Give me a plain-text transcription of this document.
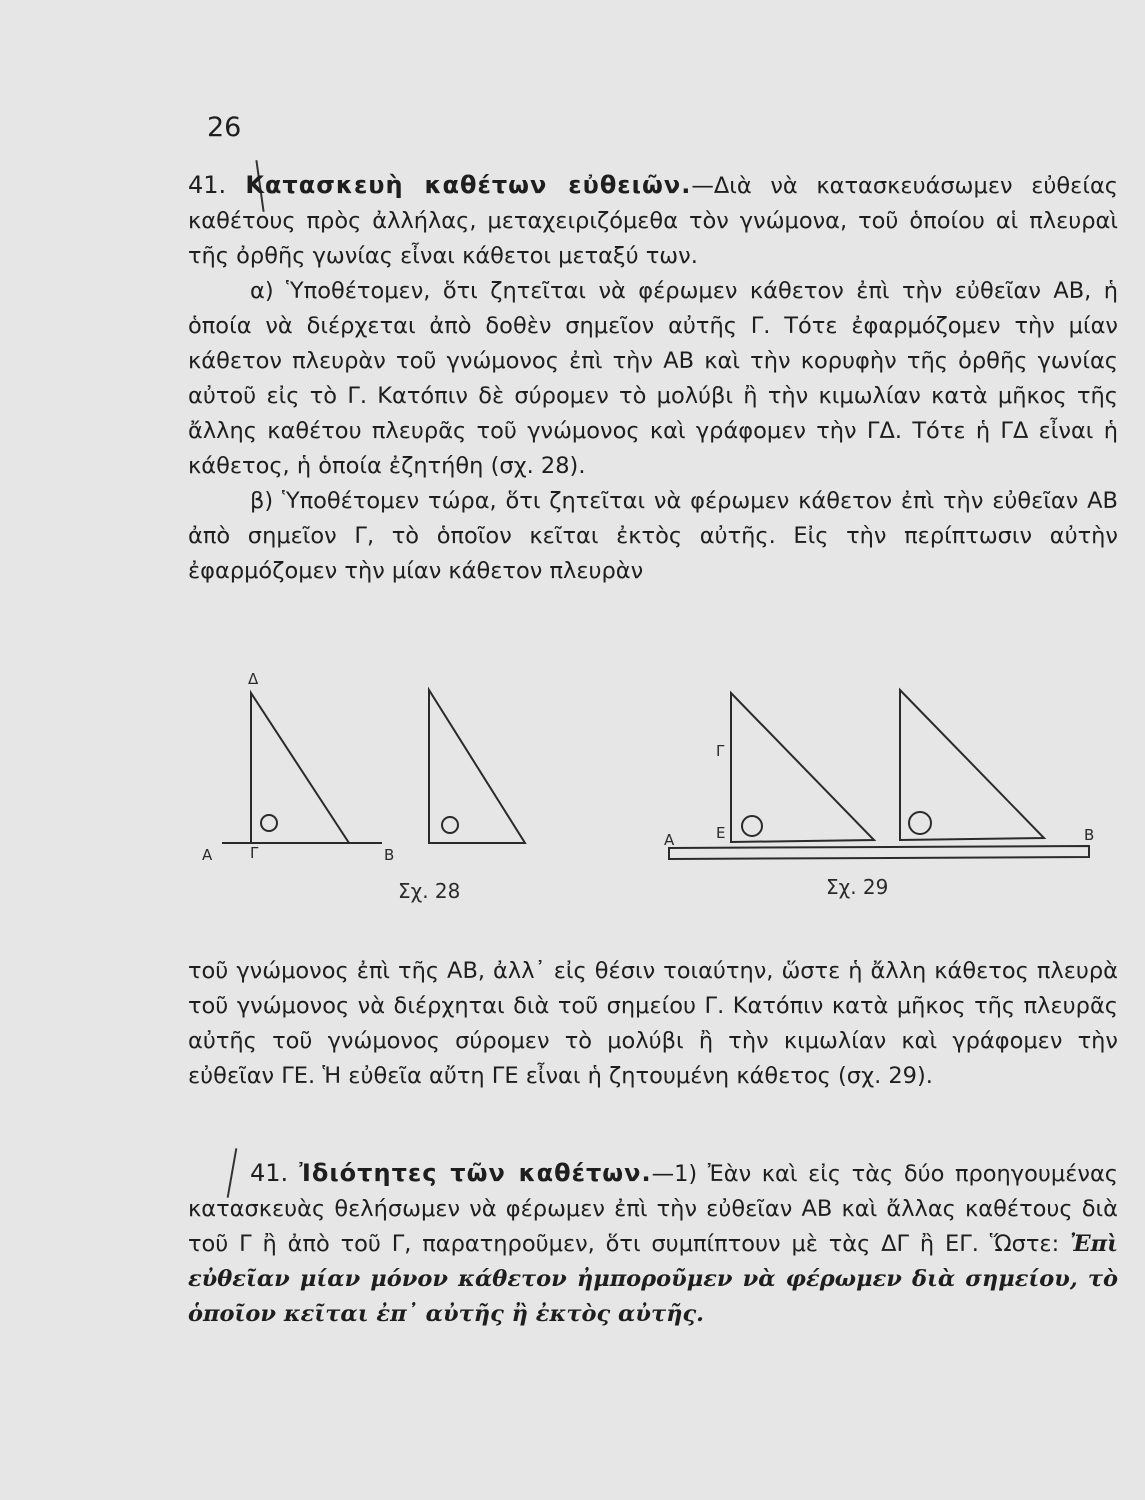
26

41. Κατασκευὴ καθέτων εὐθειῶν.—Διὰ νὰ κατασκευάσωμεν εὐθείας καθέτους πρὸς ἀλλήλας, μεταχειριζόμεθα τὸν γνώμονα, τοῦ ὁποίου αἱ πλευραὶ τῆς ὀρθῆς γωνίας εἶναι κάθετοι μεταξύ των.

α) Ὑποθέτομεν, ὅτι ζητεῖται νὰ φέρωμεν κάθετον ἐπὶ τὴν εὐθεῖαν ΑΒ, ἡ ὁποία νὰ διέρχεται ἀπὸ δοθὲν σημεῖον αὐτῆς Γ. Τότε ἐφαρμόζομεν τὴν μίαν κάθετον πλευρὰν τοῦ γνώμονος ἐπὶ τὴν ΑΒ καὶ τὴν κορυφὴν τῆς ὀρθῆς γωνίας αὐτοῦ εἰς τὸ Γ. Κατόπιν δὲ σύρομεν τὸ μολύβι ἢ τὴν κιμωλίαν κατὰ μῆκος τῆς ἄλλης καθέτου πλευρᾶς τοῦ γνώμονος καὶ γράφομεν τὴν ΓΔ. Τότε ἡ ΓΔ εἶναι ἡ κάθετος, ἡ ὁποία ἐζητήθη (σχ. 28).

β) Ὑποθέτομεν τώρα, ὅτι ζητεῖται νὰ φέρωμεν κάθετον ἐπὶ τὴν εὐθεῖαν ΑΒ ἀπὸ σημεῖον Γ, τὸ ὁποῖον κεῖται ἐκτὸς αὐτῆς. Εἰς τὴν περίπτωσιν αὐτὴν ἐφαρμόζομεν τὴν μίαν κάθετον πλευρὰν

Δ
Α	Γ	Β
Σχ. 28
Γ
Ε
Α	Β
Σχ. 29

τοῦ γνώμονος ἐπὶ τῆς ΑΒ, ἀλλ᾽ εἰς θέσιν τοιαύτην, ὥστε ἡ ἄλλη κάθετος πλευρὰ τοῦ γνώμονος νὰ διέρχηται διὰ τοῦ σημείου Γ. Κατόπιν κατὰ μῆκος τῆς πλευρᾶς αὐτῆς τοῦ γνώμονος σύρομεν τὸ μολύβι ἢ τὴν κιμωλίαν καὶ γράφομεν τὴν εὐθεῖαν ΓΕ. Ἡ εὐθεῖα αὔτη ΓΕ εἶναι ἡ ζητουμένη κάθετος (σχ. 29).

41. Ἰδιότητες τῶν καθέτων.—1) Ἐὰν καὶ εἰς τὰς δύο προηγουμένας κατασκευὰς θελήσωμεν νὰ φέρωμεν ἐπὶ τὴν εὐθεῖαν ΑΒ καὶ ἄλλας καθέτους διὰ τοῦ Γ ἢ ἀπὸ τοῦ Γ, παρατηροῦμεν, ὅτι συμπίπτουν μὲ τὰς ΔΓ ἢ ΕΓ. Ὥστε: Ἐπὶ εὐθεῖαν μίαν μόνον κάθετον ἠμποροῦμεν νὰ φέρωμεν διὰ σημείου, τὸ ὁποῖον κεῖται ἐπ᾽ αὐτῆς ἢ ἐκτὸς αὐτῆς.
